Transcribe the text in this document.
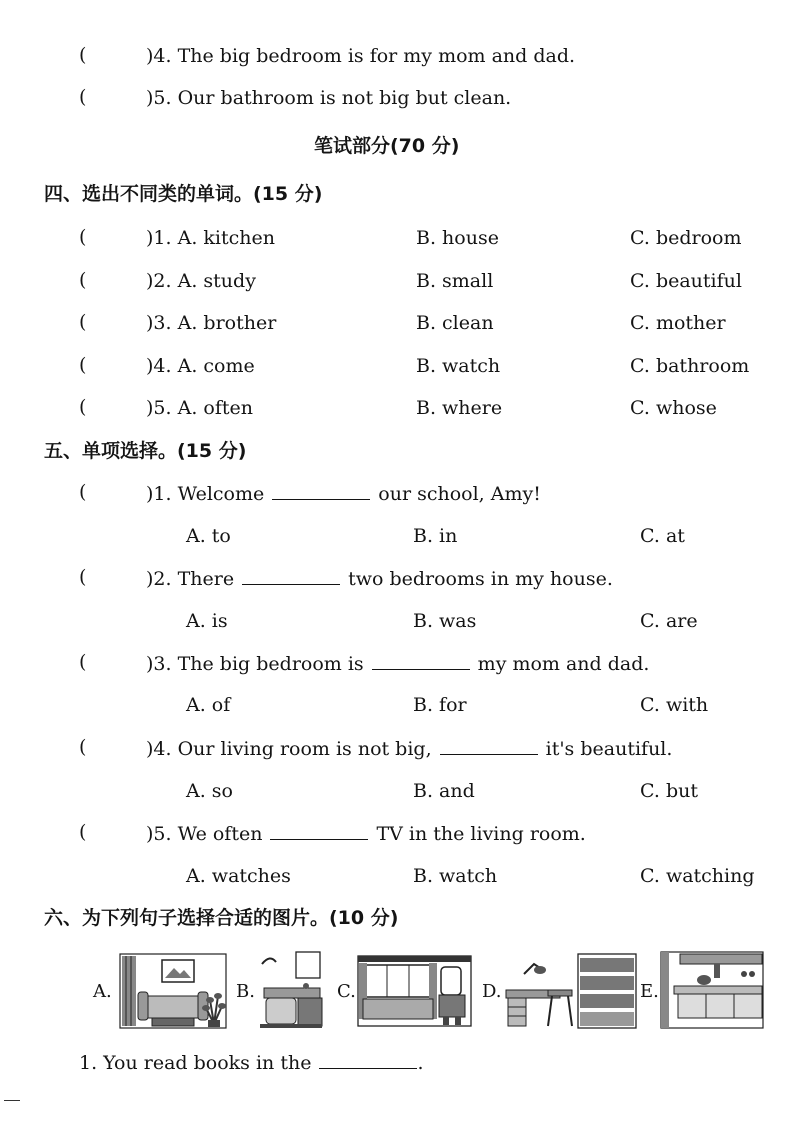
(	)4. The big bedroom is for my mom and dad.
(	)5. Our bathroom is not big but clean.
笔试部分(70 分)
四、选出不同类的单词。(15 分)
(	)1. A. kitchen	B. house	C. bedroom
(	)2. A. study	B. small	C. beautiful
(	)3. A. brother	B. clean	C. mother
(	)4. A. come	B. watch	C. bathroom
(	)5. A. often	B. where	C. whose
五、单项选择。(15 分)
(	)1. Welcome	our school, Amy!
A. to	B. in	C. at
(	)2. There	two bedrooms in my house.
A. is	B. was	C. are
(	)3. The big bedroom is	my mom and dad.
A. of	B. for	C. with
(	)4. Our living room is not big,	it's beautiful.
A. so	B. and	C. but
(	)5. We often	TV in the living room.
A. watches	B. watch	C. watching
六、为下列句子选择合适的图片。(10 分)
A.	B.	C.	D.	E.
1. You read books in the	.
